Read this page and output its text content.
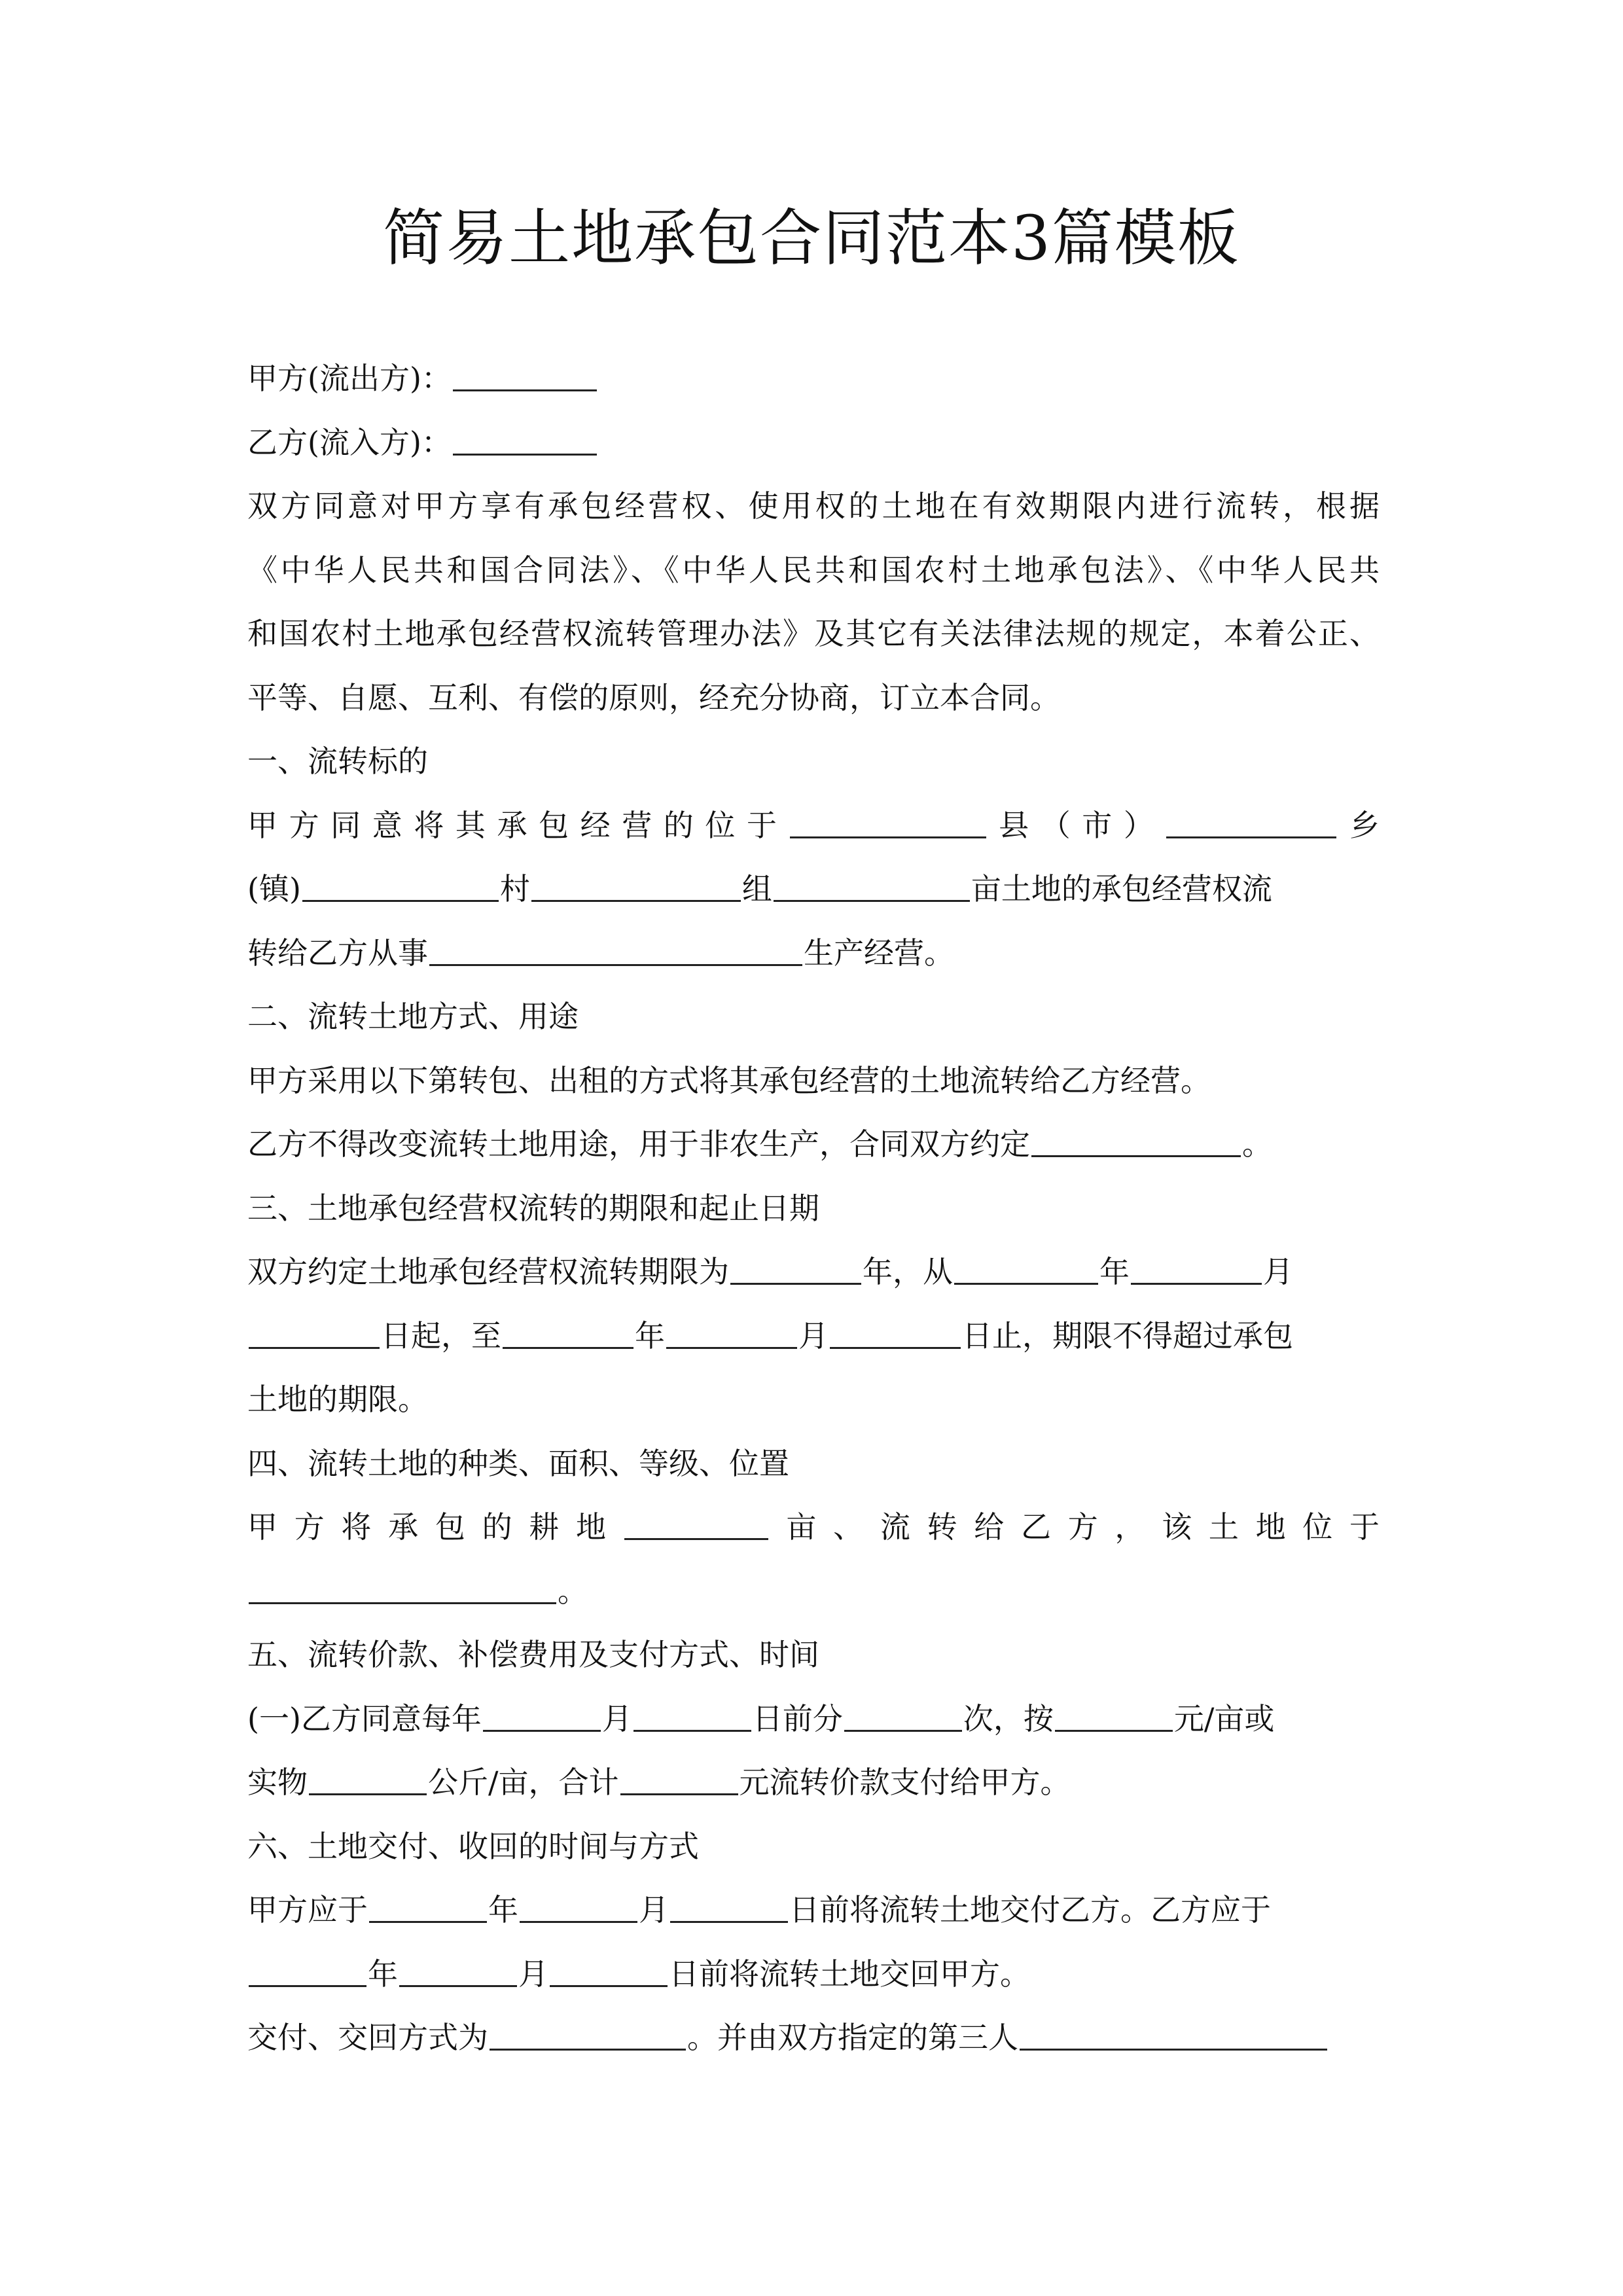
简易土地承包合同范本3篇模板
甲方(流出方)：
乙方(流入方)：
双方同意对甲方享有承包经营权、使用权的土地在有效期限内进行流转，根据
《中华人民共和国合同法》、《中华人民共和国农村土地承包法》、《中华人民共
和国农村土地承包经营权流转管理办法》及其它有关法律法规的规定，本着公正、
平等、自愿、互利、有偿的原则，经充分协商，订立本合同。
一、流转标的
甲方同意将其承包经营的位于	县（市）	乡
(镇)	村	组	亩土地的承包经营权流
转给乙方从事	生产经营。
二、流转土地方式、用途
甲方采用以下第转包、出租的方式将其承包经营的土地流转给乙方经营。
乙方不得改变流转土地用途，用于非农生产，合同双方约定	。
三、土地承包经营权流转的期限和起止日期
双方约定土地承包经营权流转期限为	年，从	年	月
日起，至	年	月	日止，期限不得超过承包
土地的期限。
四、流转土地的种类、面积、等级、位置
甲方将承包的耕地	亩、流转给乙方，该土地位于
。
五、流转价款、补偿费用及支付方式、时间
(一)乙方同意每年	月	日前分	次，按	元/亩或
实物	公斤/亩，合计	元流转价款支付给甲方。
六、土地交付、收回的时间与方式
甲方应于	年	月	日前将流转土地交付乙方。乙方应于
年	月	日前将流转土地交回甲方。
交付、交回方式为	。并由双方指定的第三人
